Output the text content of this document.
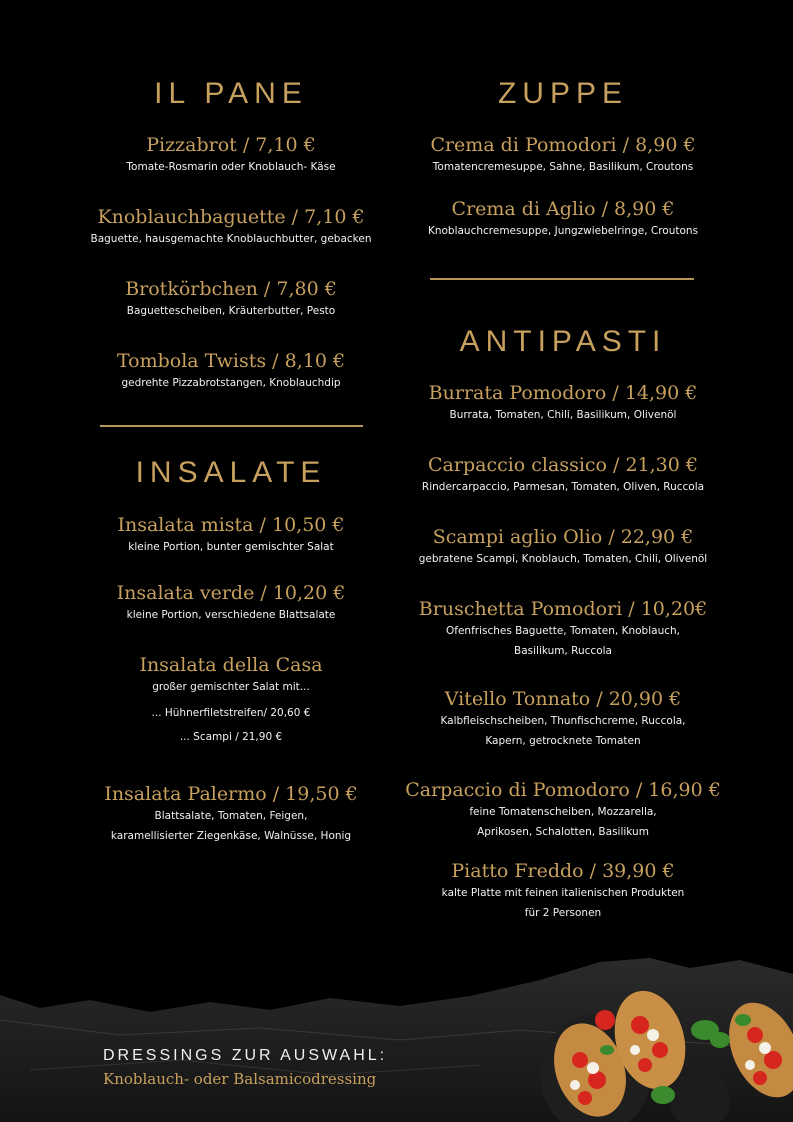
IL PANE
Pizzabrot / 7,10 €
Tomate-Rosmarin oder Knoblauch- Käse
Knoblauchbaguette / 7,10 €
Baguette, hausgemachte Knoblauchbutter, gebacken
Brotkörbchen / 7,80 €
Baguettescheiben, Kräuterbutter, Pesto
Tombola Twists / 8,10 €
gedrehte Pizzabrotstangen, Knoblauchdip
INSALATE
Insalata mista / 10,50 €
kleine Portion, bunter gemischter Salat
Insalata verde / 10,20 €
kleine Portion, verschiedene Blattsalate
Insalata della Casa
großer gemischter Salat mit...
... Hühnerfiletstreifen/ 20,60 €
... Scampi / 21,90 €
Insalata Palermo / 19,50 €
Blattsalate, Tomaten, Feigen,
karamellisierter Ziegenkäse, Walnüsse, Honig
ZUPPE
Crema di Pomodori / 8,90 €
Tomatencremesuppe, Sahne, Basilikum, Croutons
Crema di Aglio / 8,90 €
Knoblauchcremesuppe, Jungzwiebelringe, Croutons
ANTIPASTI
Burrata Pomodoro / 14,90 €
Burrata, Tomaten, Chili, Basilikum, Olivenöl
Carpaccio classico / 21,30 €
Rindercarpaccio, Parmesan, Tomaten, Oliven, Ruccola
Scampi aglio Olio / 22,90 €
gebratene Scampi, Knoblauch, Tomaten, Chili, Olivenöl
Bruschetta Pomodori / 10,20€
Ofenfrisches Baguette, Tomaten, Knoblauch,
Basilikum, Ruccola
Vitello Tonnato / 20,90 €
Kalbfleischscheiben, Thunfischcreme, Ruccola,
Kapern, getrocknete Tomaten
Carpaccio di Pomodoro / 16,90 €
feine Tomatenscheiben, Mozzarella,
Aprikosen, Schalotten, Basilikum
Piatto Freddo / 39,90 €
kalte Platte mit feinen italienischen Produkten
für 2 Personen
DRESSINGS ZUR AUSWAHL:
Knoblauch- oder Balsamicodressing
